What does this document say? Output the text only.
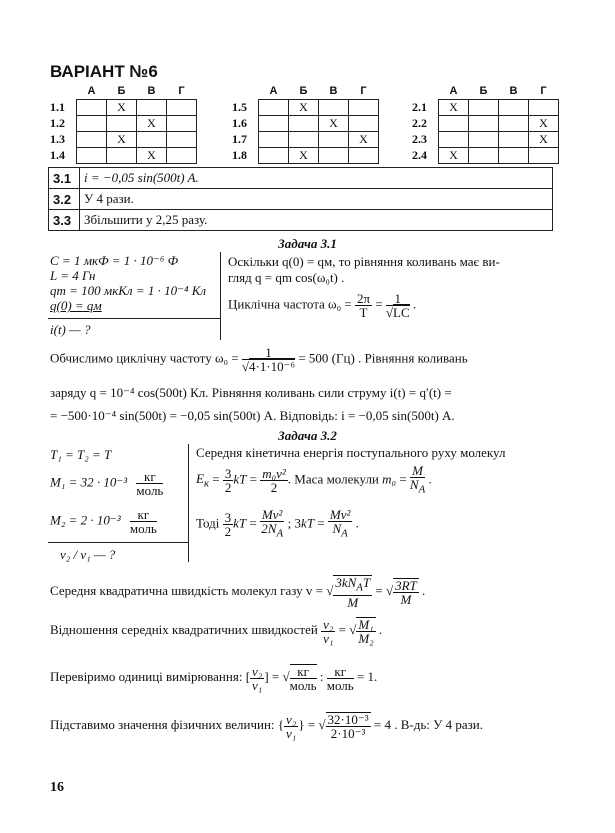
ВАРІАНТ №6
	А	Б	В	Г
1.1		X		
1.2			X	
1.3		X		
1.4			X	
	А	Б	В	Г
1.5		X		
1.6			X	
1.7				X
1.8		X		
	А	Б	В	Г
2.1	X			
2.2				X
2.3				X
2.4	X			
3.1	i = −0,05 sin(500t) A.
3.2	У 4 рази.
3.3	Збільшити у 2,25 разу.
Задача 3.1
C = 1 мкФ = 1 · 10⁻⁶ Ф
L = 4 Гн
qm = 100 мкКл = 1 · 10⁻⁴ Кл
q(0) = qм
i(t) — ?
Оскільки q(0) = qм, то рівняння коливань має ви-
гляд q = qm cos(ω₀t) .
Циклічна частота $\omega_0 = \frac{2\pi}{T} = \frac{1}{√LC}$ .
Обчислимо циклічну частоту $\omega_0 = \frac{1}{\text{√4·1·10⁻⁶}} = 500$ (Гц) . Рівняння коливань
заряду q = 10⁻⁴ cos(500t) Кл. Рівняння коливань сили струму i(t) = q′(t) =
= −500·10⁻⁴ sin(500t) = −0,05 sin(500t) А. Відповідь: i = −0,05 sin(500t) А.
Задача 3.2
T₁ = T₂ = T
$M_1 = 32 \cdot 10^{-3} \frac{кг}{\text{моль}}$
$M_2 = 2 \cdot 10^{-3} \frac{кг}{\text{моль}}$
v₂ / v₁ — ?
Середня кінетична енергія поступального руху молекул
$E_к = \frac{3}{2}$ kT = $\frac{\text{m₀v²}}{2}$ . Маса молекули $m_0 = \frac{M}{N_A}$ .
Тоді $\frac{3}{2}$ kT = $\frac{\text{Mv²}}{2N_A}$ ; $3kT = \frac{\text{Mv²}}{N_A}$ .
Середня квадратична швидкість молекул газу v = √ $\frac{3kN_AT}{M}$ = √ $\frac{3RT}{M}$ .
Відношення середніх квадратичних швидкостей $\frac{\text{v₂}}{\text{v₁}}$ = √ $\frac{\text{M₁}}{\text{M₂}}$ .
Перевіримо одиниці вимірювання: [ $\frac{\text{v₂}}{\text{v₁}}$ ] = √ $\frac{кг}{\text{моль}}$ : $\frac{кг}{\text{моль}} = 1$.
Підставимо значення фізичних величин: { $\frac{\text{v₂}}{\text{v₁}}$ } = √ $\frac{\text{32·10⁻³}}{\text{2·10⁻³}} = 4$ . В-дь: У 4 рази.
16
